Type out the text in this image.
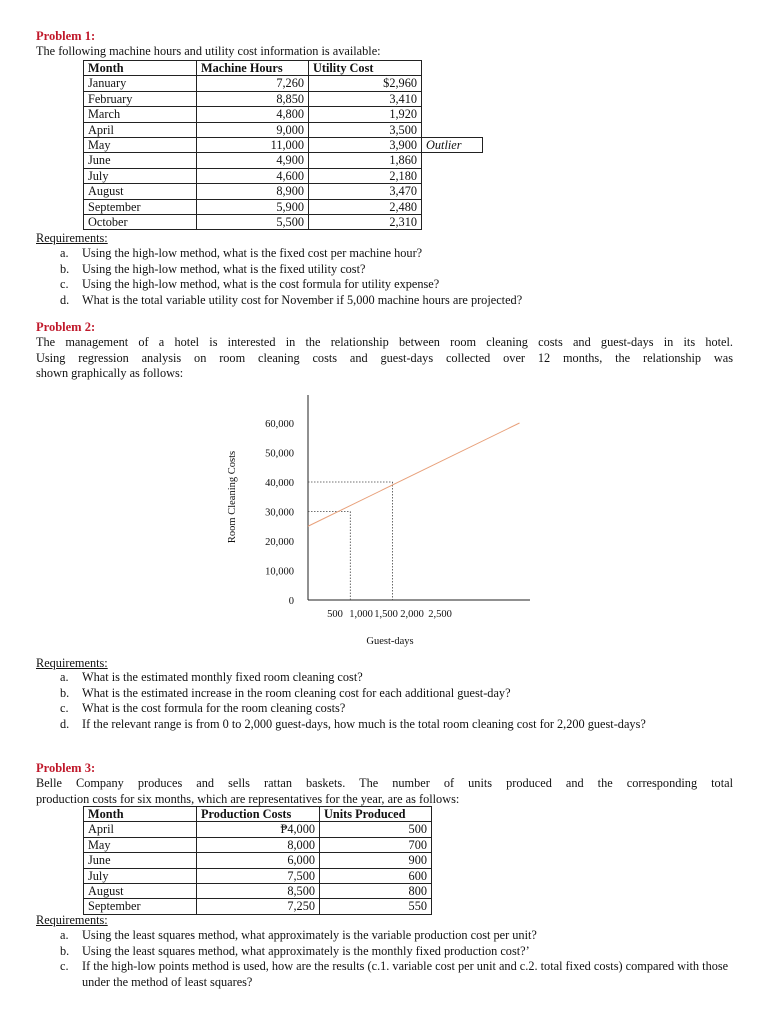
Problem 1:
The following machine hours and utility cost information is available:
Month	Machine Hours	Utility Cost	
January	7,260	$2,960	
February	8,850	3,410	
March	4,800	1,920	
April	9,000	3,500	
May	11,000	3,900	Outlier
June	4,900	1,860	
July	4,600	2,180	
August	8,900	3,470	
September	5,900	2,480	
October	5,500	2,310	
Requirements:
a. Using the high-low method, what is the fixed cost per machine hour?
b. Using the high-low method, what is the fixed utility cost?
c. Using the high-low method, what is the cost formula for utility expense?
d. What is the total variable utility cost for November if 5,000 machine hours are projected?
Problem 2:
The management of a hotel is interested in the relationship between room cleaning costs and guest-days in its hotel.
Using regression analysis on room cleaning costs and guest-days collected over 12 months, the relationship was
shown graphically as follows:
0
10,000
20,000
30,000
40,000
50,000
60,000
500 1,000 1,500 2,000 2,500
Guest-days
Room Cleaning Costs
Requirements:
a. What is the estimated monthly fixed room cleaning cost?
b. What is the estimated increase in the room cleaning cost for each additional guest-day?
c. What is the cost formula for the room cleaning costs?
d. If the relevant range is from 0 to 2,000 guest-days, how much is the total room cleaning cost for 2,200 guest-days?
Problem 3:
Belle Company produces and sells rattan baskets. The number of units produced and the corresponding total
production costs for six months, which are representatives for the year, are as follows:
Month	Production Costs	Units Produced
April	₱4,000	500
May	8,000	700
June	6,000	900
July	7,500	600
August	8,500	800
September	7,250	550
Requirements:
a. Using the least squares method, what approximately is the variable production cost per unit?
b. Using the least squares method, what approximately is the monthly fixed production cost?’
c. If the high-low points method is used, how are the results (c.1. variable cost per unit and c.2. total fixed costs) compared with those under the method of least squares?
